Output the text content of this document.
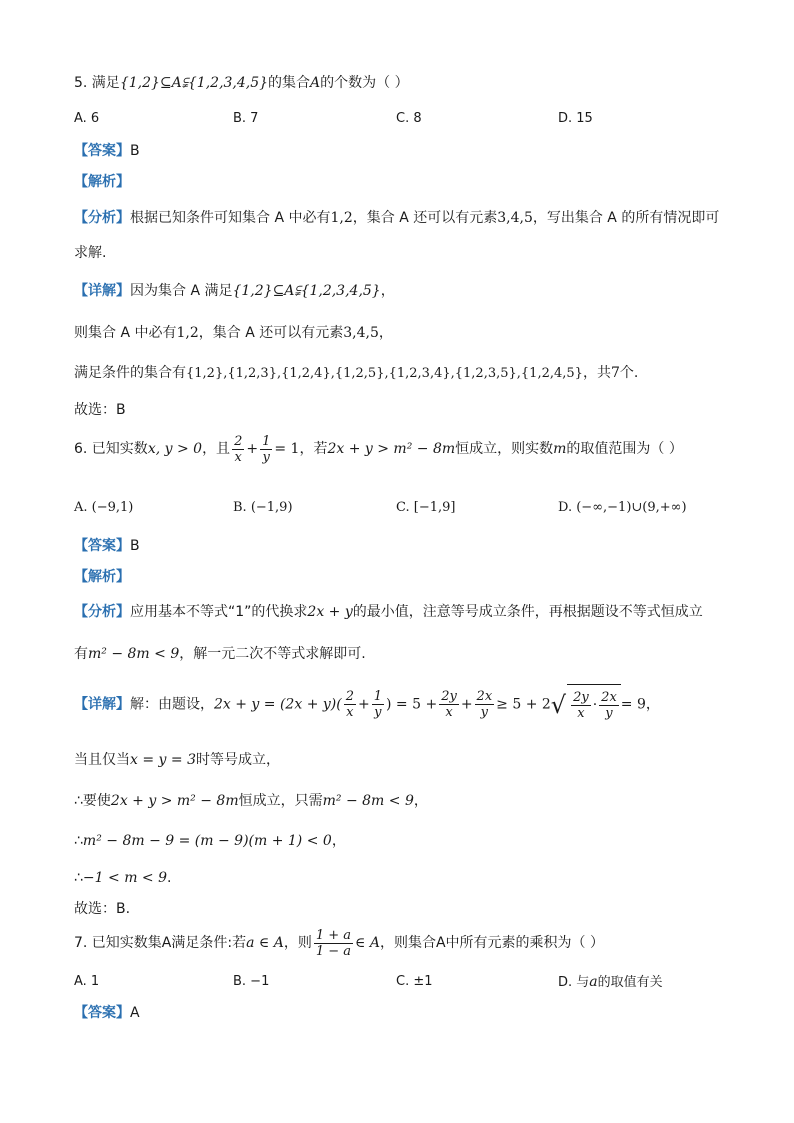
5. 满足{1,2}⊆A⫋{1,2,3,4,5}的集合A的个数为（ ）
A. 6	B. 7	C. 8	D. 15
【答案】B
【解析】
【分析】根据已知条件可知集合 A 中必有1,2，集合 A 还可以有元素3,4,5，写出集合 A 的所有情况即可
求解.
【详解】因为集合 A 满足{1,2}⊆A⫋{1,2,3,4,5}，
则集合 A 中必有1,2，集合 A 还可以有元素3,4,5，
满足条件的集合有{1,2},{1,2,3},{1,2,4},{1,2,5},{1,2,3,4},{1,2,3,5},{1,2,4,5}，共7个.
故选：B
6. 已知实数x, y > 0，且 $\frac{2}{x} + \frac{1}{y} = 1$，若2x + y > m² − 8m恒成立，则实数m的取值范围为（ ）
A. (−9,1)	B. (−1,9)	C. [−1,9]	D. (−∞,−1)∪(9,+∞)
【答案】B
【解析】
【分析】应用基本不等式“1”的代换求2x + y的最小值，注意等号成立条件，再根据题设不等式恒成立
有m² − 8m < 9，解一元二次不等式求解即可.
【详解】解：由题设，$2x + y = (2x + y)( \frac{2}{x} + \frac{1}{y}$ ) = $5 + \frac{2y}{x} + \frac{2x}{y} \ge 5 + 2√ \frac{2y}{x} \cdot \frac{2x}{y} = 9$，
当且仅当x = y = 3时等号成立，
∴要使2x + y > m² − 8m恒成立，只需m² − 8m < 9，
∴m² − 8m − 9 = (m − 9)(m + 1) < 0，
∴−1 < m < 9.
故选：B.
7. 已知实数集A满足条件:若a ∈ A，则 $\frac{1 + a}{1 - a}$ ∈ A，则集合A中所有元素的乘积为（ ）
A. 1	B. −1	C. ±1	D. 与a的取值有关
【答案】A
